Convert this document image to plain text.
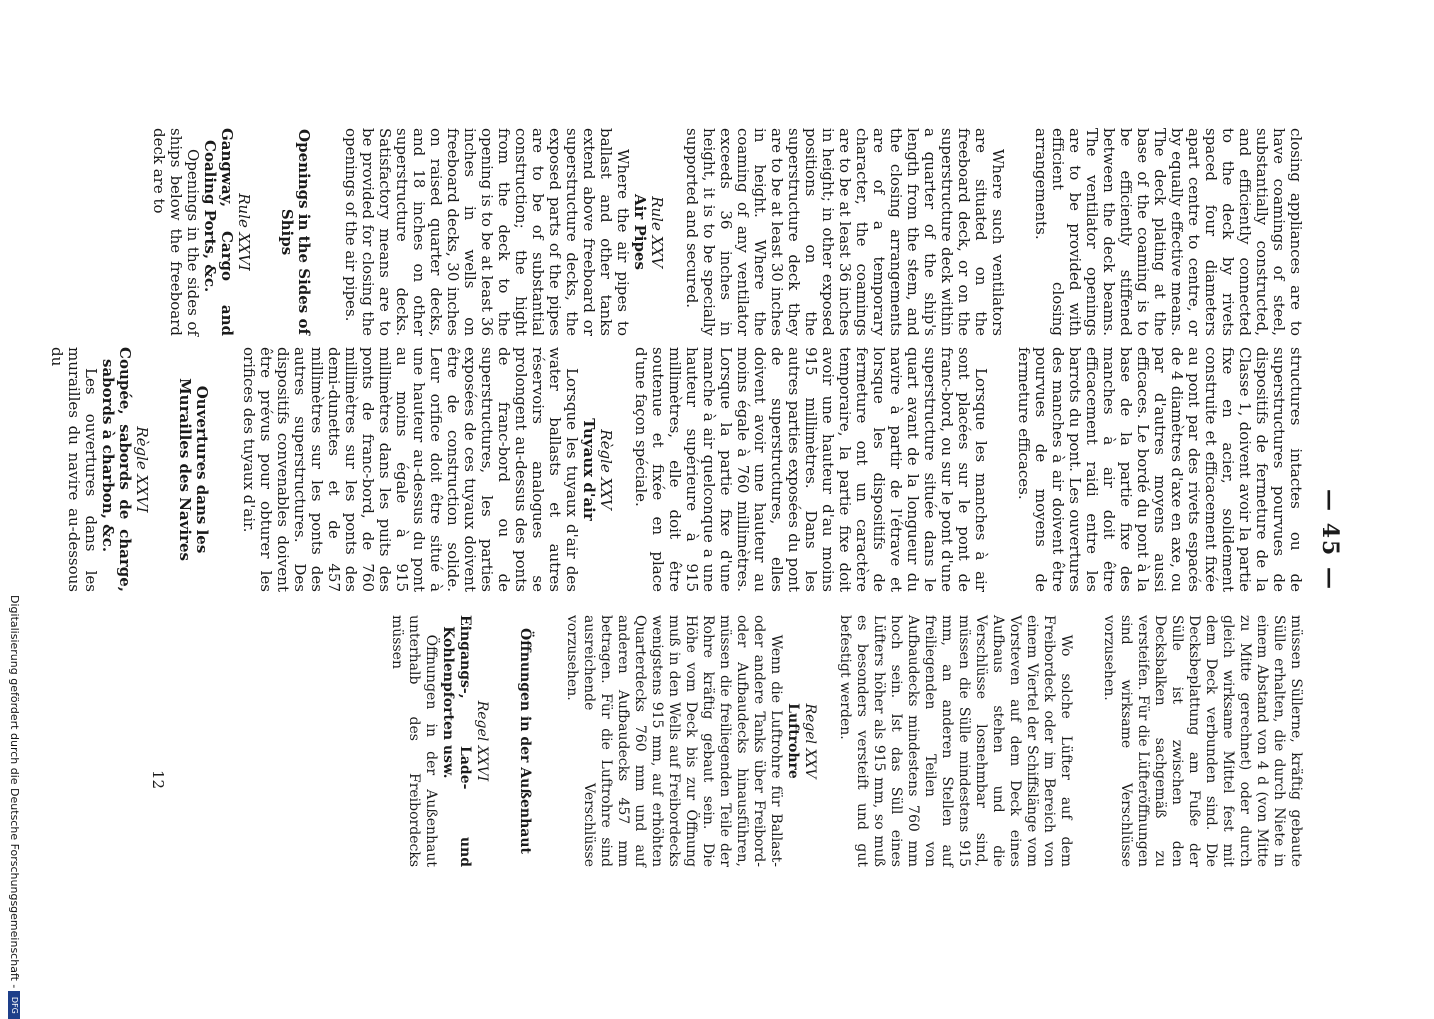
— 45 —
Digitalisierung gefördert durch die Deutsche Forschungsgemeinschaft -DFG
12

closing appliances are to have coamings of steel, substantially constructed, and efficiently connected to the deck by rivets spaced four diameters apart centre to centre, or by equally effective means. The deck plating at the base of the coaming is to be efficiently stiffened between the deck beams. The ventilator openings are to be provided with efficient closing arrangements.

Where such ventilators are situated on the freeboard deck, or on the superstructure deck within a quarter of the ship's length from the stem, and the closing arrangements are of a temporary character, the coamings are to be at least 36 inches in height; in other exposed positions on the superstructure deck they are to be at least 30 inches in height. Where the coaming of any ventilator exceeds 36 inches in height, it is to be specially supported and secured.

Rule XXV
Air Pipes

Where the air pipes to ballast and other tanks extend above freeboard or superstructure decks, the exposed parts of the pipes are to be of substantial construction; the hight from the deck to the opening is to be at least 36 inches in wells on freeboard decks, 30 inches on raised quarter decks, and 18 inches on other superstructure decks. Satisfactory means are to be provided for closing the openings of the air pipes.

Openings in the Sides of Ships
Rule XXVI
Gangway, Cargo and Coaling Ports, &c.

Openings in the sides of ships below the freeboard deck are to

structures intactes ou de superstructures pourvues de dispositifs de fermeture de la Classe 1, doivent avoir la partie fixe en acier, solidement construite et efficacement fixée au pont par des rivets espacés de 4 diamètres d'axe en axe, ou par d'autres moyens aussi efficaces. Le bordé du pont à la base de la partie fixe des manches à air doit être efficacement raidi entre les barrots du pont. Les ouvertures des manches à air doivent être pourvues de moyens de fermeture efficaces.

Lorsque les manches à air sont placées sur le pont de franc-bord, ou sur le pont d'une superstructure située dans le quart avant de la longueur du navire à partir de l'étrave et lorsque les dispositifs de fermeture ont un caractère temporaire, la partie fixe doit avoir une hauteur d'au moins 915 millimètres. Dans les autres parties exposées du pont de superstructures, elles doivent avoir une hauteur au moins égale à 760 millimètres. Lorsque la partie fixe d'une manche à air quelconque a une hauteur supérieure à 915 millimètres, elle doit être soutenue et fixée en place d'une façon spéciale.

Règle XXV
Tuyaux d'air

Lorsque les tuyaux d'air des water ballasts et autres réservoirs analogues se prolongent au-dessus des ponts de franc-bord ou de superstructures, les parties exposées de ces tuyaux doivent être de construction solide. Leur orifice doit être situé à une hauteur au-dessus du pont au moins égale à 915 millimètres dans les puits des ponts de franc-bord, de 760 millimètres sur les ponts des demi-dunettes et de 457 millimètres sur les ponts des autres superstructures. Des dispositifs convenables doivent être prévus pour obturer les orifices des tuyaux d'air.

Ouvertures dans les Murailles des Navires
Règle XXVI
Coupée, sabords de charge, sabords à charbon, &c.

Les ouvertures dans les murailles du navire au-dessous du

müssen Süllerne, kräftig gebaute Sülle erhalten, die durch Niete in einem Abstand von 4 d (von Mitte zu Mitte gerechnet) oder durch gleich wirksame Mittel fest mit dem Deck verbunden sind. Die Decksbeplattung am Fuße der Sülle ist zwischen den Decksbalken sachgemäß zu versteifen. Für die Lüfteröffnungen sind wirksame Verschlüsse vorzusehen.

Wo solche Lüfter auf dem Freibordeck oder im Bereich von einem Viertel der Schiffslänge vom Vorsteven auf dem Deck eines Aufbaus stehen und die Verschlüsse losnehmbar sind, müssen die Sülle mindestens 915 mm, an anderen Stellen auf freiliegenden Teilen von Aufbaudecks mindestens 760 mm hoch sein. Ist das Süll eines Lüfters höher als 915 mm, so muß es besonders versteift und gut befestigt werden.

Regel XXV
Luftrohre

Wenn die Luftrohre für Ballast- oder andere Tanks über Freibord- oder Aufbaudecks hinausführen, müssen die freiliegenden Teile der Rohre kräftig gebaut sein. Die Höhe vom Deck bis zur Öffnung muß in den Wells auf Freibordecks wenigstens 915 mm, auf erhöhten Quarterdecks 760 mm und auf anderen Aufbaudecks 457 mm betragen. Für die Luftrohre sind ausreichende Verschlüsse vorzusehen.

Öffnungen in der Außenhaut
Regel XXVI
Eingangs-, Lade- und Kohlenpforten usw.

Öffnungen in der Außenhaut unterhalb des Freibordecks müssen
